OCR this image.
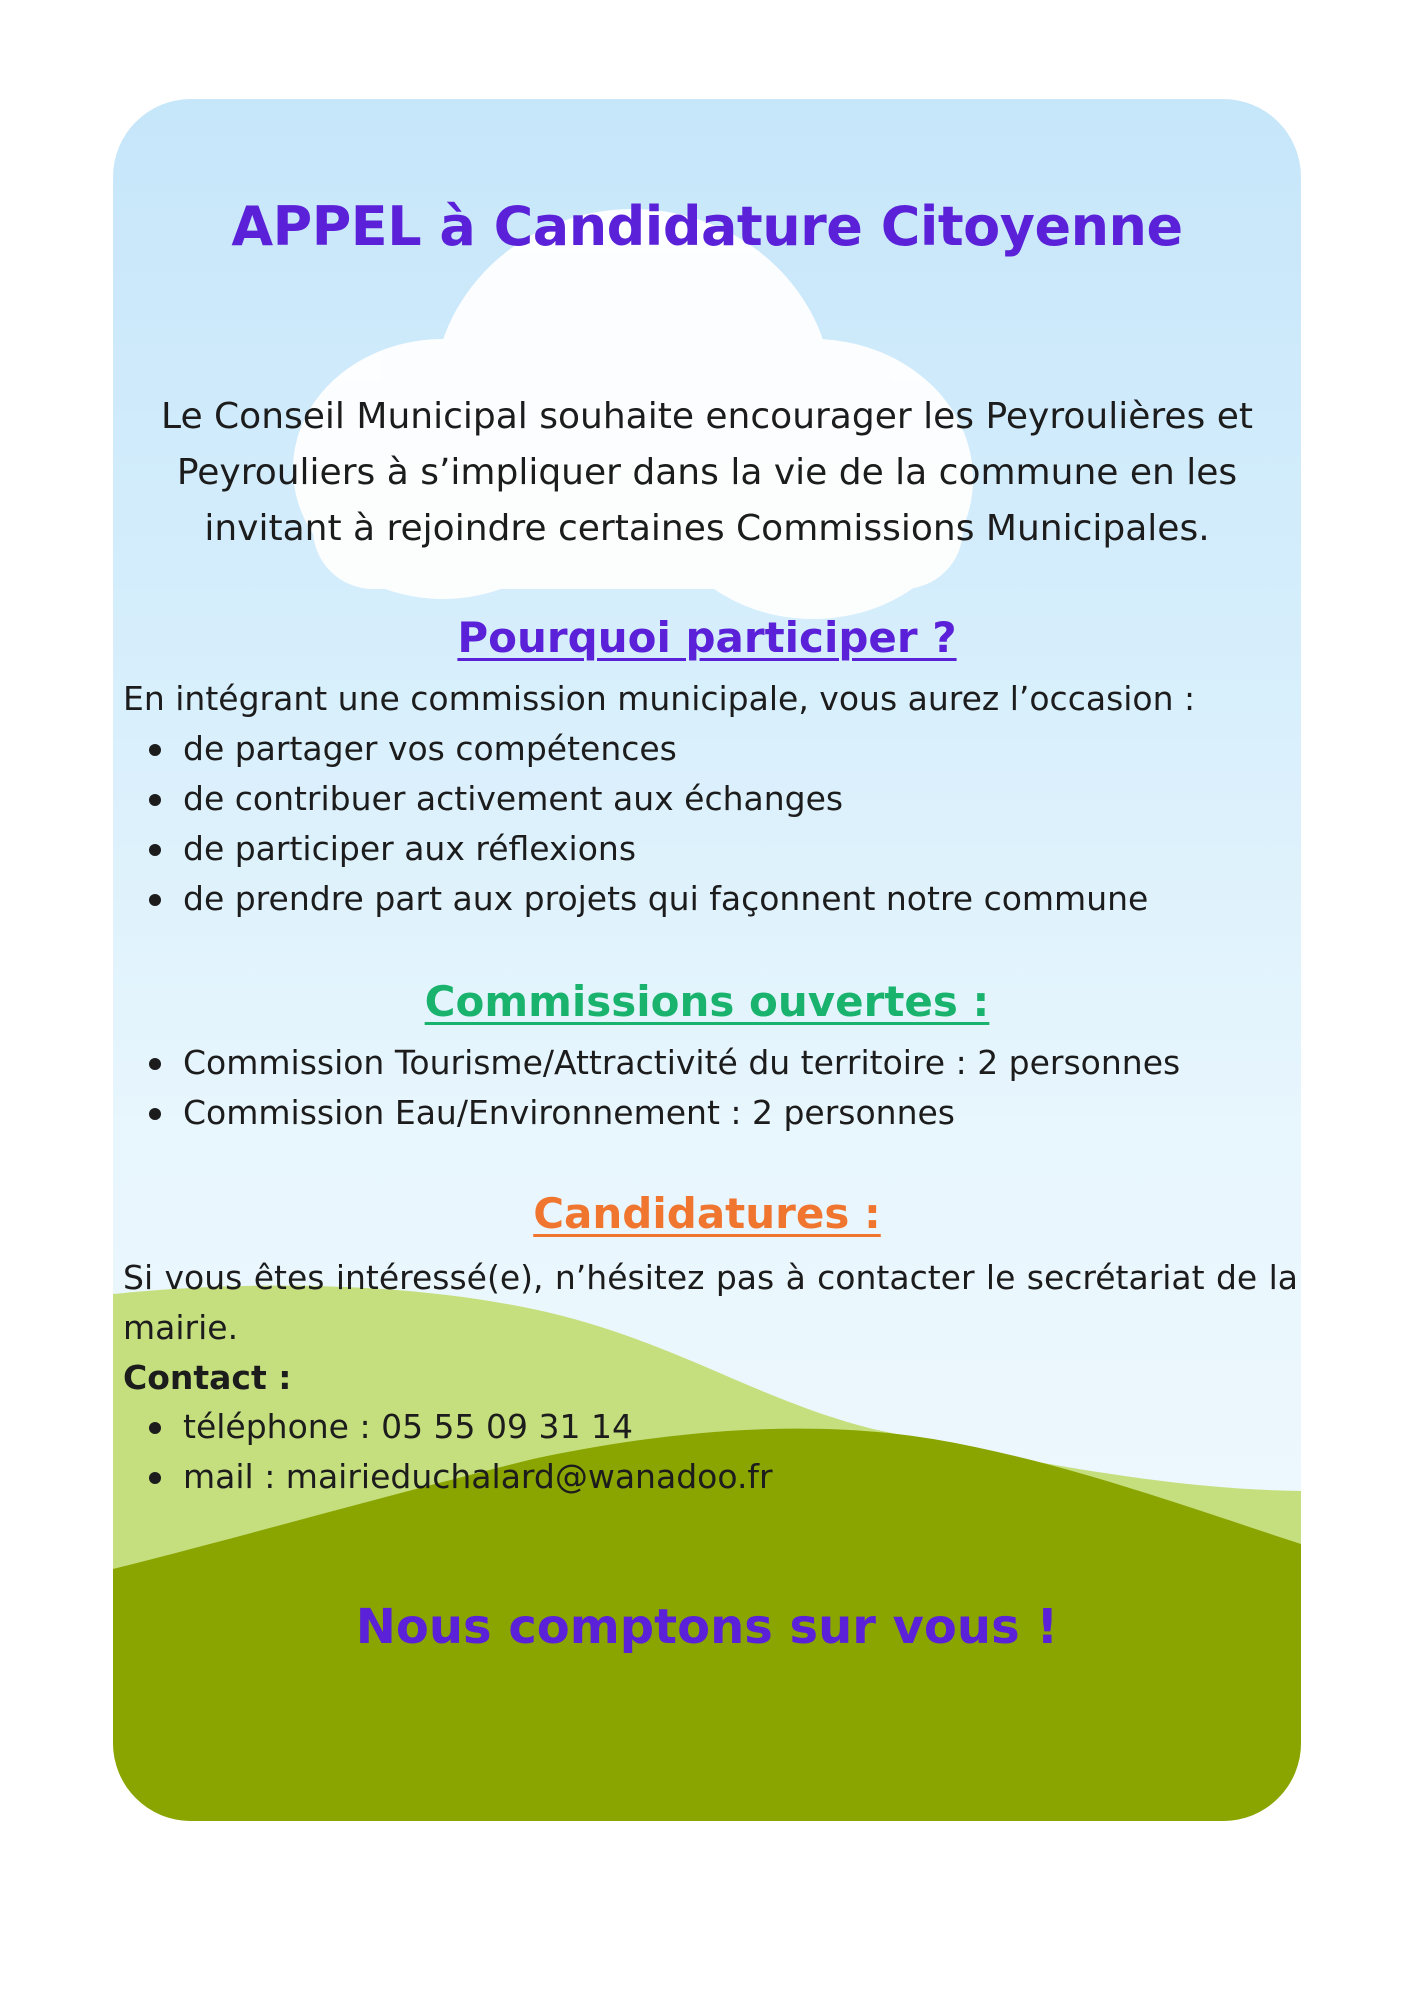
APPEL à Candidature Citoyenne

Le Conseil Municipal souhaite encourager les Peyroulières et Peyrouliers à s’impliquer dans la vie de la commune en les invitant à rejoindre certaines Commissions Municipales.

Pourquoi participer ?

En intégrant une commission municipale, vous aurez l’occasion :

de partager vos compétences
de contribuer activement aux échanges
de participer aux réflexions
de prendre part aux projets qui façonnent notre commune
Commissions ouvertes :
Commission Tourisme/Attractivité du territoire : 2 personnes
Commission Eau/Environnement : 2 personnes
Candidatures :

Si vous êtes intéressé(e), n’hésitez pas à contacter le secrétariat de la mairie.

Contact :

téléphone : 05 55 09 31 14
mail : mairieduchalard@wanadoo.fr

Nous comptons sur vous !
